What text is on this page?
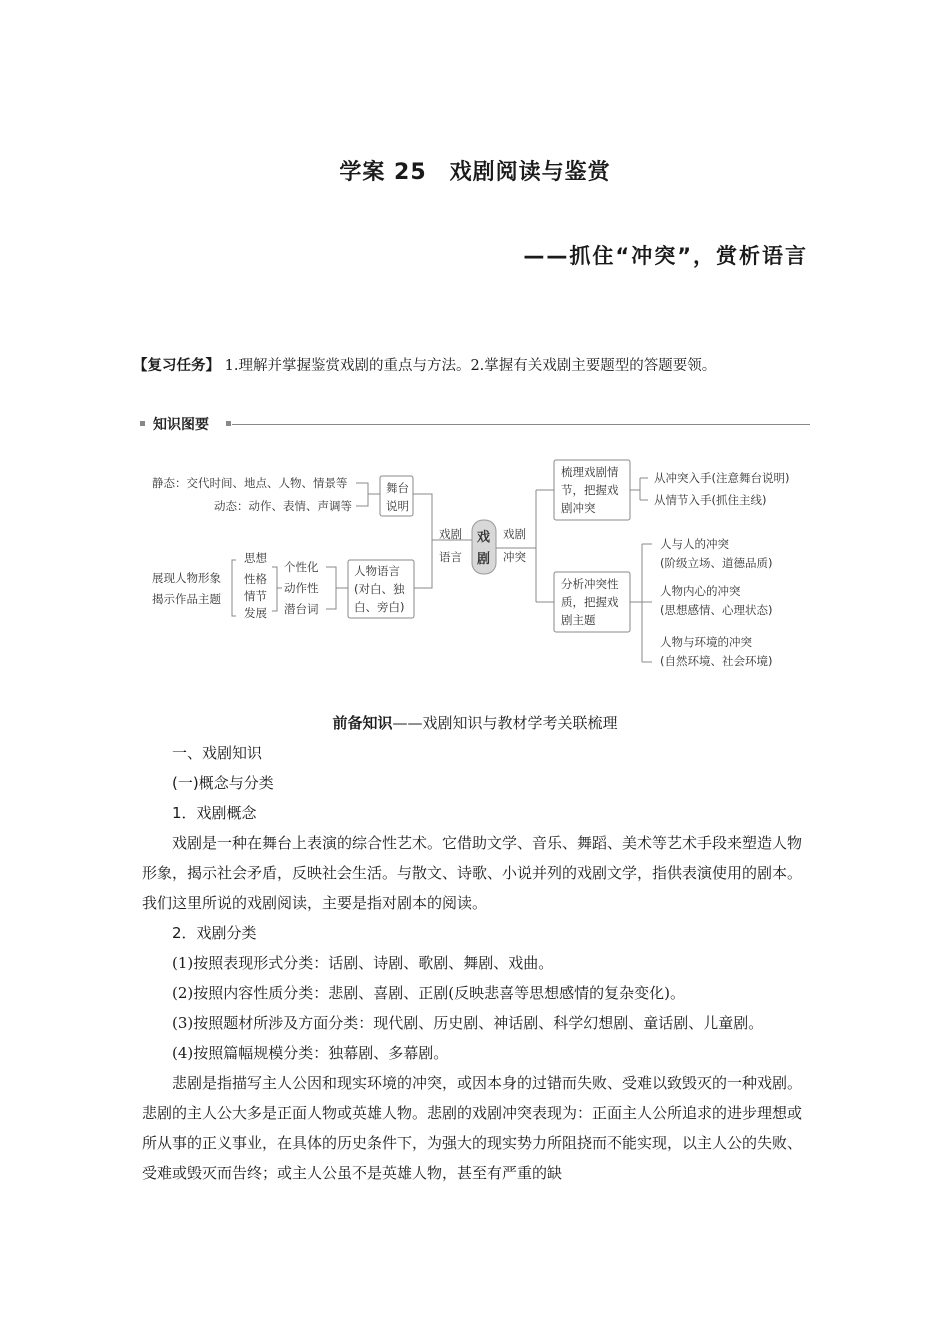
学案 25　戏剧阅读与鉴赏
——抓住“冲突”，赏析语言
【复习任务】 1.理解并掌握鉴赏戏剧的重点与方法。2.掌握有关戏剧主要题型的答题要领。
知识图要
静态：交代时间、地点、人物、情景等
动态：动作、表情、声调等
舞台
说明
展现人物形象
揭示作品主题
思想
性格
情节
发展
个性化
动作性
潜台词
人物语言
(对白、独
白、旁白)
戏剧
语言
戏
剧
戏剧
冲突
梳理戏剧情
节，把握戏
剧冲突
从冲突入手(注意舞台说明)
从情节入手(抓住主线)
分析冲突性
质，把握戏
剧主题
人与人的冲突
(阶级立场、道德品质)
人物内心的冲突
(思想感情、心理状态)
人物与环境的冲突
(自然环境、社会环境)
前备知识——戏剧知识与教材学考关联梳理

一、戏剧知识

(一)概念与分类

1．戏剧概念

戏剧是一种在舞台上表演的综合性艺术。它借助文学、音乐、舞蹈、美术等艺术手段来塑造人物形象，揭示社会矛盾，反映社会生活。与散文、诗歌、小说并列的戏剧文学，指供表演使用的剧本。我们这里所说的戏剧阅读，主要是指对剧本的阅读。

2．戏剧分类

(1)按照表现形式分类：话剧、诗剧、歌剧、舞剧、戏曲。

(2)按照内容性质分类：悲剧、喜剧、正剧(反映悲喜等思想感情的复杂变化)。

(3)按照题材所涉及方面分类：现代剧、历史剧、神话剧、科学幻想剧、童话剧、儿童剧。

(4)按照篇幅规模分类：独幕剧、多幕剧。

悲剧是指描写主人公因和现实环境的冲突，或因本身的过错而失败、受难以致毁灭的一种戏剧。悲剧的主人公大多是正面人物或英雄人物。悲剧的戏剧冲突表现为：正面主人公所追求的进步理想或所从事的正义事业，在具体的历史条件下，为强大的现实势力所阻挠而不能实现，以主人公的失败、受难或毁灭而告终；或主人公虽不是英雄人物，甚至有严重的缺
